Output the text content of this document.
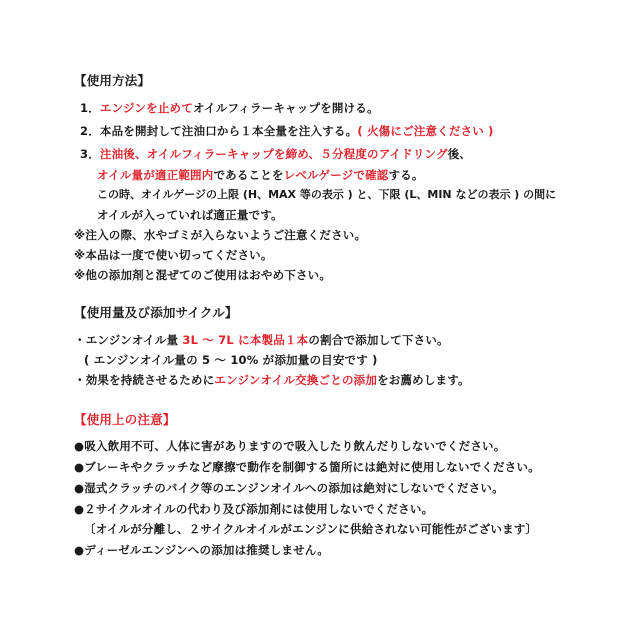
【使用方法】
1．エンジンを止めてオイルフィラーキャップを開ける。
2．本品を開封して注油口から１本全量を注入する。( 火傷にご注意ください )
3．注油後、オイルフィラーキャップを締め、５分程度のアイドリング後、
オイル量が適正範囲内であることをレベルゲージで確認する。
この時、オイルゲージの上限 (H、MAX 等の表示 ) と、下限 (L、MIN などの表示 ) の間に
オイルが入っていれば適正量です。
※注入の際、水やゴミが入らないようご注意ください。
※本品は一度で使い切ってください。
※他の添加剤と混ぜてのご使用はおやめ下さい。
【使用量及び添加サイクル】
・エンジンオイル量 3L 〜 7L に本製品１本の割合で添加して下さい。
( エンジンオイル量の 5 〜 10% が添加量の目安です )
・効果を持続させるためにエンジンオイル交換ごとの添加をお薦めします。
【使用上の注意】
●吸入飲用不可、人体に害がありますので吸入したり飲んだりしないでください。
●ブレーキやクラッチなど摩擦で動作を制御する箇所には絶対に使用しないでください。
●湿式クラッチのバイク等のエンジンオイルへの添加は絶対にしないでください。
●２サイクルオイルの代わり及び添加剤には使用しないでください。
〔オイルが分離し、２サイクルオイルがエンジンに供給されない可能性がございます〕
●ディーゼルエンジンへの添加は推奨しません。
